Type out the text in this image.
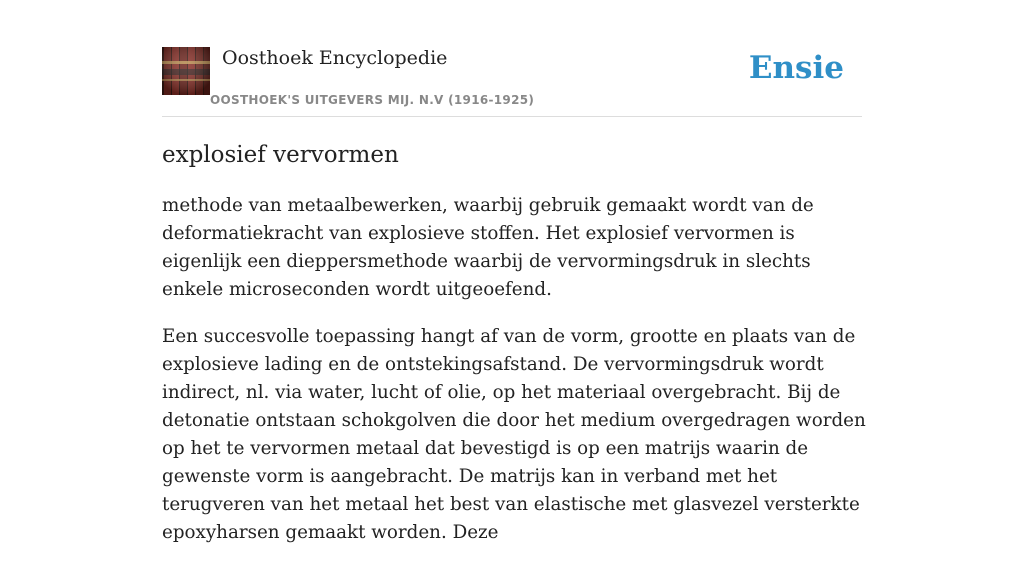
Oosthoek Encyclopedie
OOSTHOEK'S UITGEVERS MIJ. N.V (1916-1925)
Ensie
explosief vervormen

methode van metaalbewerken, waarbij gebruik gemaakt wordt van de deformatiekracht van explosieve stoffen. Het explosief vervormen is eigenlijk een dieppersmethode waarbij de vervormingsdruk in slechts enkele microseconden wordt uitgeoefend.

Een succesvolle toepassing hangt af van de vorm, grootte en plaats van de explosieve lading en de ontstekingsafstand. De vervormingsdruk wordt indirect, nl. via water, lucht of olie, op het materiaal overgebracht. Bij de detonatie ontstaan schokgolven die door het medium overgedragen worden op het te vervormen metaal dat bevestigd is op een matrijs waarin de gewenste vorm is aangebracht. De matrijs kan in verband met het terugveren van het metaal het best van elastische met glasvezel versterkte epoxyharsen gemaakt worden. Deze
